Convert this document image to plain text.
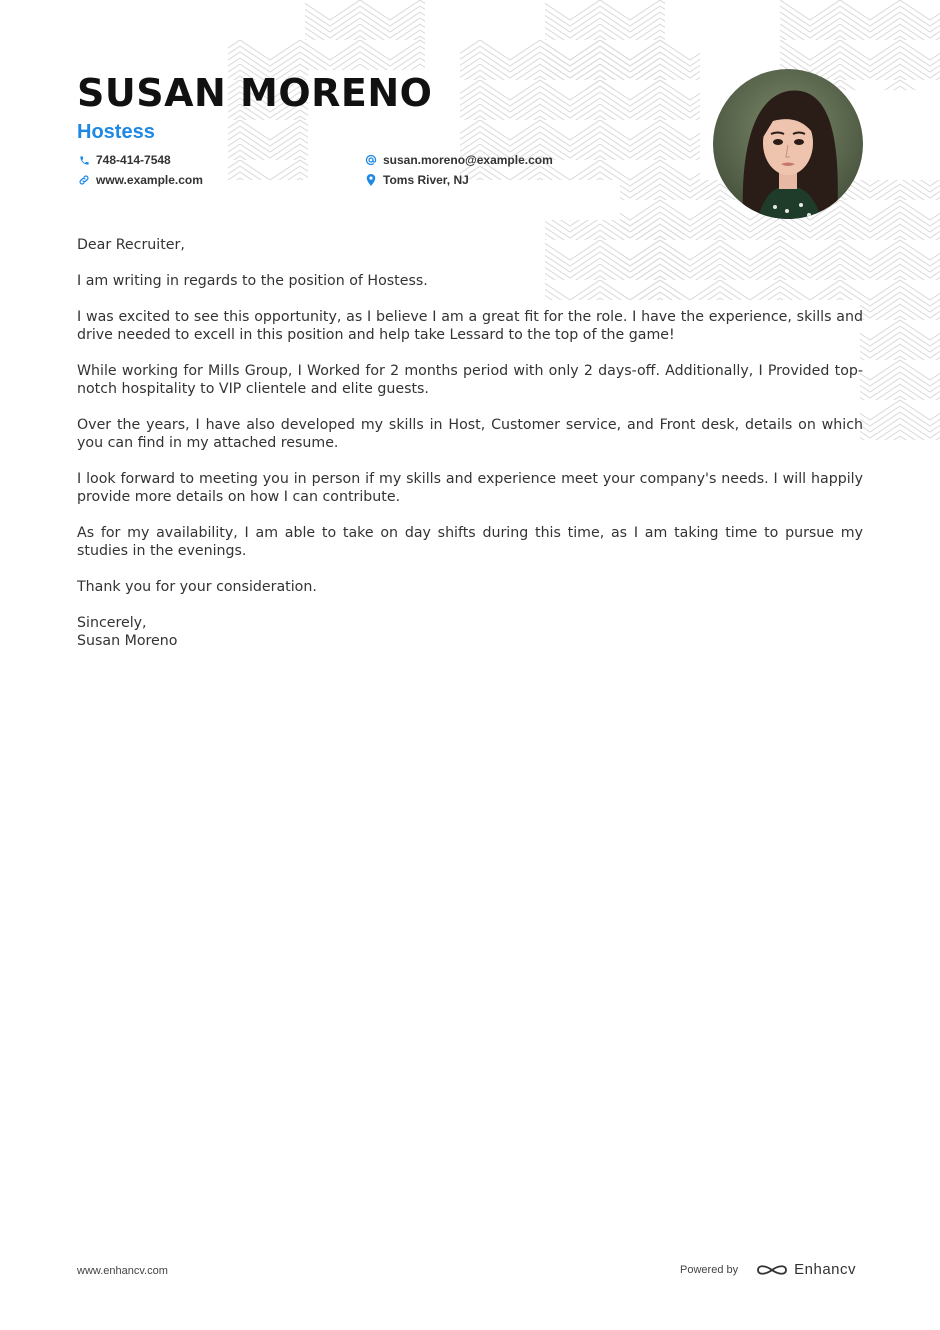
SUSAN MORENO
Hostess
748-414-7548	susan.moreno@example.com
www.example.com	Toms River, NJ

Dear Recruiter,

I am writing in regards to the position of Hostess.

I was excited to see this opportunity, as I believe I am a great fit for the role. I have the experience, skills and drive needed to excell in this position and help take Lessard to the top of the game!

While working for Mills Group, I Worked for 2 months period with only 2 days-off. Additionally, I Provided top-notch hospitality to VIP clientele and elite guests.

Over the years, I have also developed my skills in Host, Customer service, and Front desk, details on which you can find in my attached resume.

I look forward to meeting you in person if my skills and experience meet your company's needs. I will happily provide more details on how I can contribute.

As for my availability, I am able to take on day shifts during this time, as I am taking time to pursue my studies in the evenings.

Thank you for your consideration.

Sincerely,

Susan Moreno

www.enhancv.com	Powered by	Enhancv
